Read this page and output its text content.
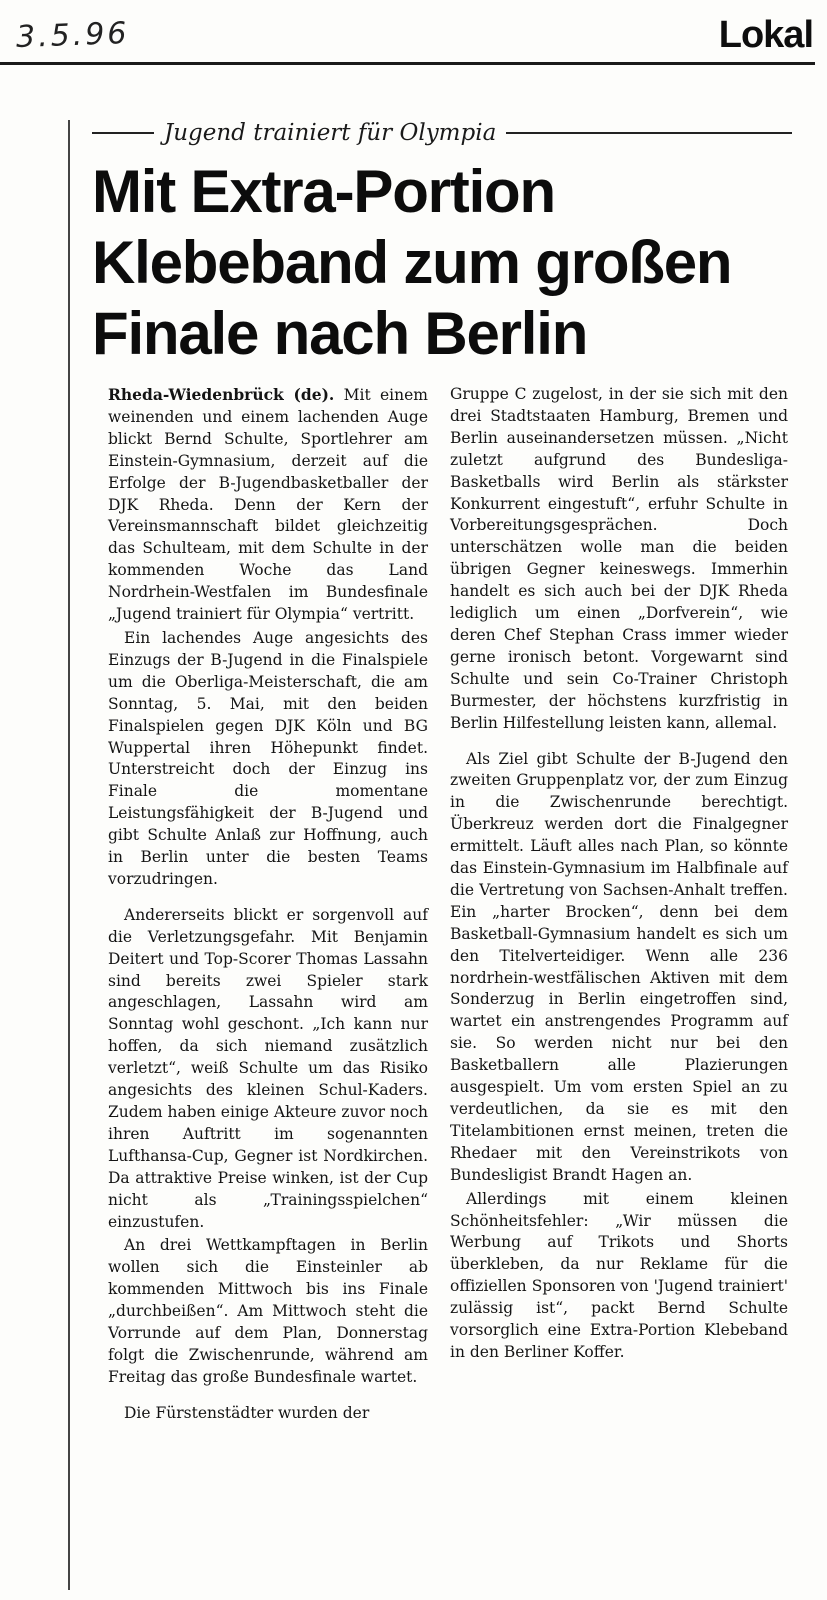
3.5.96	Lokal
Jugend trainiert für Olympia
Mit Extra-Portion
Klebeband zum großen
Finale nach Berlin

Rheda-Wiedenbrück (de). Mit einem weinenden und einem lachenden Auge blickt Bernd Schulte, Sportlehrer am Einstein-Gymnasium, derzeit auf die Erfolge der B-Jugendbasketballer der DJK Rheda. Denn der Kern der Vereinsmannschaft bildet gleichzeitig das Schulteam, mit dem Schulte in der kommenden Woche das Land Nordrhein-Westfalen im Bundesfinale „Jugend trainiert für Olympia“ vertritt.

Ein lachendes Auge angesichts des Einzugs der B-Jugend in die Finalspiele um die Oberliga-Meisterschaft, die am Sonntag, 5. Mai, mit den beiden Finalspielen gegen DJK Köln und BG Wuppertal ihren Höhepunkt findet. Unterstreicht doch der Einzug ins Finale die momentane Leistungsfähigkeit der B-Jugend und gibt Schulte Anlaß zur Hoffnung, auch in Berlin unter die besten Teams vorzudringen.

Andererseits blickt er sorgenvoll auf die Verletzungsgefahr. Mit Benjamin Deitert und Top-Scorer Thomas Lassahn sind bereits zwei Spieler stark angeschlagen, Lassahn wird am Sonntag wohl geschont. „Ich kann nur hoffen, da sich niemand zusätzlich verletzt“, weiß Schulte um das Risiko angesichts des kleinen Schul-Kaders. Zudem haben einige Akteure zuvor noch ihren Auftritt im sogenannten Lufthansa-Cup, Gegner ist Nordkirchen. Da attraktive Preise winken, ist der Cup nicht als „Trainingsspielchen“ einzustufen.

An drei Wettkampftagen in Berlin wollen sich die Einsteinler ab kommenden Mittwoch bis ins Finale „durchbeißen“. Am Mittwoch steht die Vorrunde auf dem Plan, Donnerstag folgt die Zwischenrunde, während am Freitag das große Bundesfinale wartet.

Die Fürstenstädter wurden der

Gruppe C zugelost, in der sie sich mit den drei Stadtstaaten Hamburg, Bremen und Berlin auseinandersetzen müssen. „Nicht zuletzt aufgrund des Bundesliga-Basketballs wird Berlin als stärkster Konkurrent eingestuft“, erfuhr Schulte in Vorbereitungsgesprächen. Doch unterschätzen wolle man die beiden übrigen Gegner keineswegs. Immerhin handelt es sich auch bei der DJK Rheda lediglich um einen „Dorfverein“, wie deren Chef Stephan Crass immer wieder gerne ironisch betont. Vorgewarnt sind Schulte und sein Co-Trainer Christoph Burmester, der höchstens kurzfristig in Berlin Hilfestellung leisten kann, allemal.

Als Ziel gibt Schulte der B-Jugend den zweiten Gruppenplatz vor, der zum Einzug in die Zwischenrunde berechtigt. Überkreuz werden dort die Finalgegner ermittelt. Läuft alles nach Plan, so könnte das Einstein-Gymnasium im Halbfinale auf die Vertretung von Sachsen-Anhalt treffen. Ein „harter Brocken“, denn bei dem Basketball-Gymnasium handelt es sich um den Titelverteidiger. Wenn alle 236 nordrhein-westfälischen Aktiven mit dem Sonderzug in Berlin eingetroffen sind, wartet ein anstrengendes Programm auf sie. So werden nicht nur bei den Basketballern alle Plazierungen ausgespielt. Um vom ersten Spiel an zu verdeutlichen, da sie es mit den Titelambitionen ernst meinen, treten die Rhedaer mit den Vereinstrikots von Bundesligist Brandt Hagen an.

Allerdings mit einem kleinen Schönheitsfehler: „Wir müssen die Werbung auf Trikots und Shorts überkleben, da nur Reklame für die offiziellen Sponsoren von 'Jugend trainiert' zulässig ist“, packt Bernd Schulte vorsorglich eine Extra-Portion Klebeband in den Berliner Koffer.
